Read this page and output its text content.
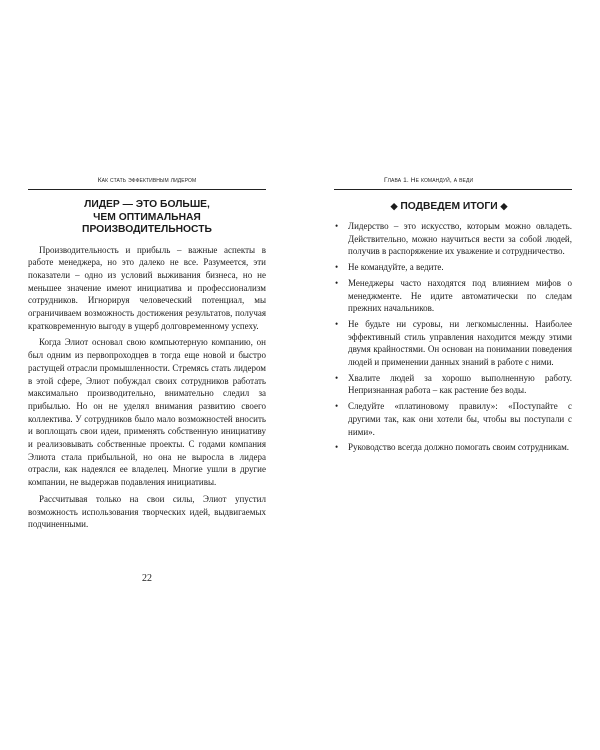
Как стать эффективным лидером
ЛИДЕР — ЭТО БОЛЬШЕ,
ЧЕМ ОПТИМАЛЬНАЯ ПРОИЗВОДИТЕЛЬНОСТЬ

Производительность и прибыль – важные аспекты в работе менеджера, но это далеко не все. Разумеется, эти показатели – одно из условий выживания бизнеса, но не меньшее значение имеют инициатива и профессионализм сотрудников. Игнорируя человеческий потенциал, мы ограничиваем возможность достижения результатов, получая кратковременную выгоду в ущерб долговременному успеху.

Когда Элиот основал свою компьютерную компанию, он был одним из первопроходцев в тогда еще новой и быстро растущей отрасли промышленности. Стремясь стать лидером в этой сфере, Элиот побуждал своих сотрудников работать максимально производительно, внимательно следил за прибылью. Но он не уделял внимания развитию своего коллектива. У сотрудников было мало возможностей вносить и воплощать свои идеи, применять собственную инициативу и реализовывать собственные проекты. С годами компания Элиота стала прибыльной, но она не выросла в лидера отрасли, как надеялся ее владелец. Многие ушли в другие компании, не выдержав подавления инициативы.

Рассчитывая только на свои силы, Элиот упустил возможность использования творческих идей, выдвигаемых подчиненными.

22
Глава 1. Не командуй, а веди
◆ ПОДВЕДЕМ ИТОГИ ◆
• Лидерство – это искусство, которым можно овладеть. Действительно, можно научиться вести за собой людей, получив в распоряжение их уважение и сотрудничество.
• Не командуйте, а ведите.
• Менеджеры часто находятся под влиянием мифов о менеджменте. Не идите автоматически по следам прежних начальников.
• Не будьте ни суровы, ни легкомысленны. Наиболее эффективный стиль управления находится между этими двумя крайностями. Он основан на понимании поведения людей и применении данных знаний в работе с ними.
• Хвалите людей за хорошо выполненную работу. Непризнанная работа – как растение без воды.
• Следуйте «платиновому правилу»: «Поступайте с другими так, как они хотели бы, чтобы вы поступали с ними».
• Руководство всегда должно помогать своим сотрудникам.
